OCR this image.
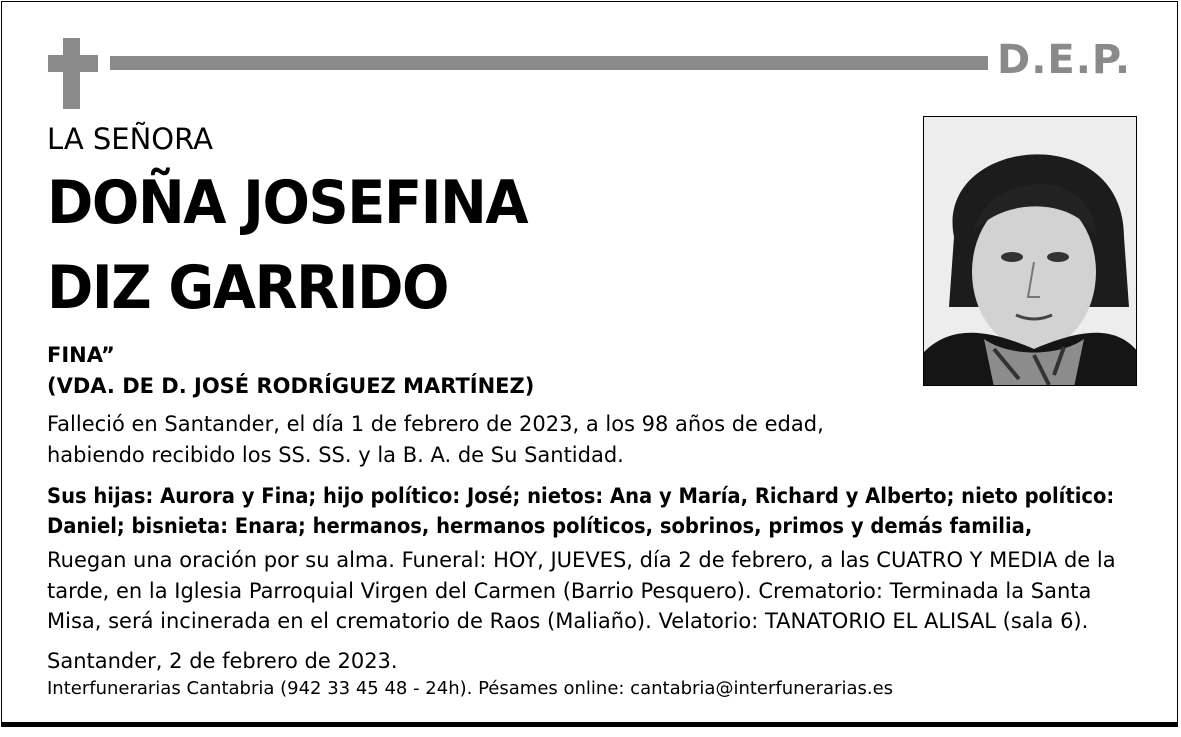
D.E.P.
LA SEÑORA
DOÑA JOSEFINA
DIZ GARRIDO
FINA”
(VDA. DE D. JOSÉ RODRÍGUEZ MARTÍNEZ)
Falleció en Santander, el día 1 de febrero de 2023, a los 98 años de edad,
habiendo recibido los SS. SS. y la B. A. de Su Santidad.
Sus hijas: Aurora y Fina; hijo político: José; nietos: Ana y María, Richard y Alberto; nieto político:
Daniel; bisnieta: Enara; hermanos, hermanos políticos, sobrinos, primos y demás familia,
Ruegan una oración por su alma. Funeral: HOY, JUEVES, día 2 de febrero, a las CUATRO Y MEDIA de la
tarde, en la Iglesia Parroquial Virgen del Carmen (Barrio Pesquero). Crematorio: Terminada la Santa
Misa, será incinerada en el crematorio de Raos (Maliaño). Velatorio: TANATORIO EL ALISAL (sala 6).
Santander, 2 de febrero de 2023.
Interfunerarias Cantabria (942 33 45 48 - 24h). Pésames online: cantabria@interfunerarias.es
